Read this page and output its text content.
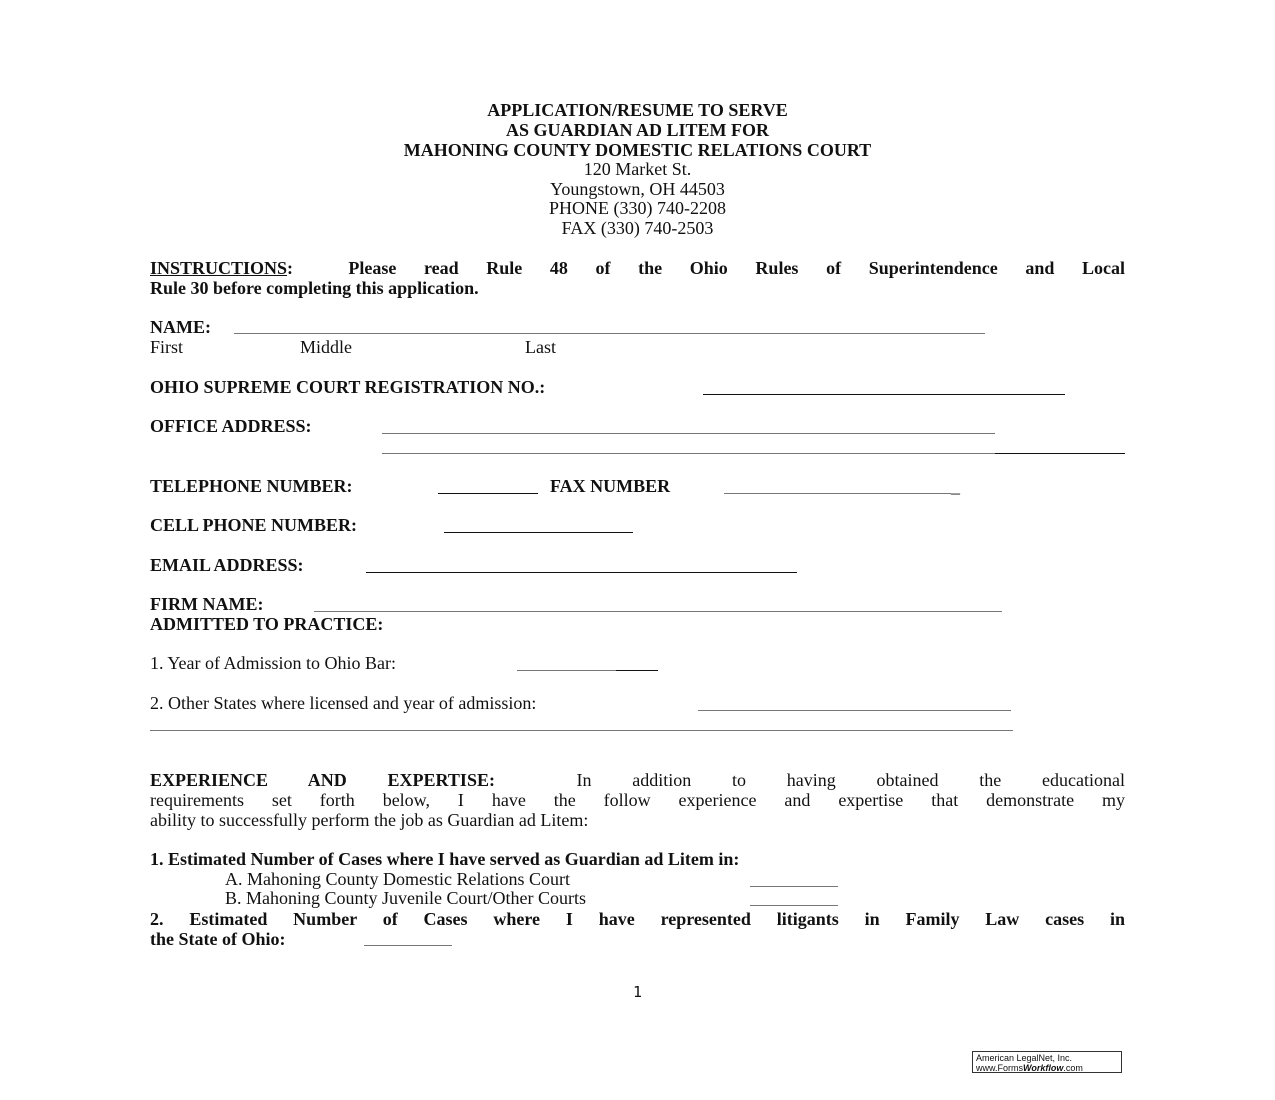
APPLICATION/RESUME TO SERVE
AS GUARDIAN AD LITEM FOR
MAHONING COUNTY DOMESTIC RELATIONS COURT
120 Market St.
Youngstown, OH 44503
PHONE (330) 740-2208
FAX (330) 740-2503
INSTRUCTIONS:	Please read Rule 48 of the Ohio Rules of Superintendence and Local
Rule 30 before completing this application.
NAME:
First	Middle	Last
OHIO SUPREME COURT REGISTRATION NO.:
OFFICE ADDRESS:
TELEPHONE NUMBER:	FAX NUMBER	_
CELL PHONE NUMBER:
EMAIL ADDRESS:
FIRM NAME:
ADMITTED TO PRACTICE:
1. Year of Admission to Ohio Bar:
2. Other States where licensed and year of admission:
EXPERIENCE AND EXPERTISE:	In addition to having obtained the educational
requirements set forth below, I have the follow experience and expertise that demonstrate my
ability to successfully perform the job as Guardian ad Litem:
1. Estimated Number of Cases where I have served as Guardian ad Litem in:
A. Mahoning County Domestic Relations Court
B. Mahoning County Juvenile Court/Other Courts
2. Estimated Number of Cases where I have represented litigants in Family Law cases in
the State of Ohio:
1
American LegalNet, Inc.
www.FormsWorkflow.com
